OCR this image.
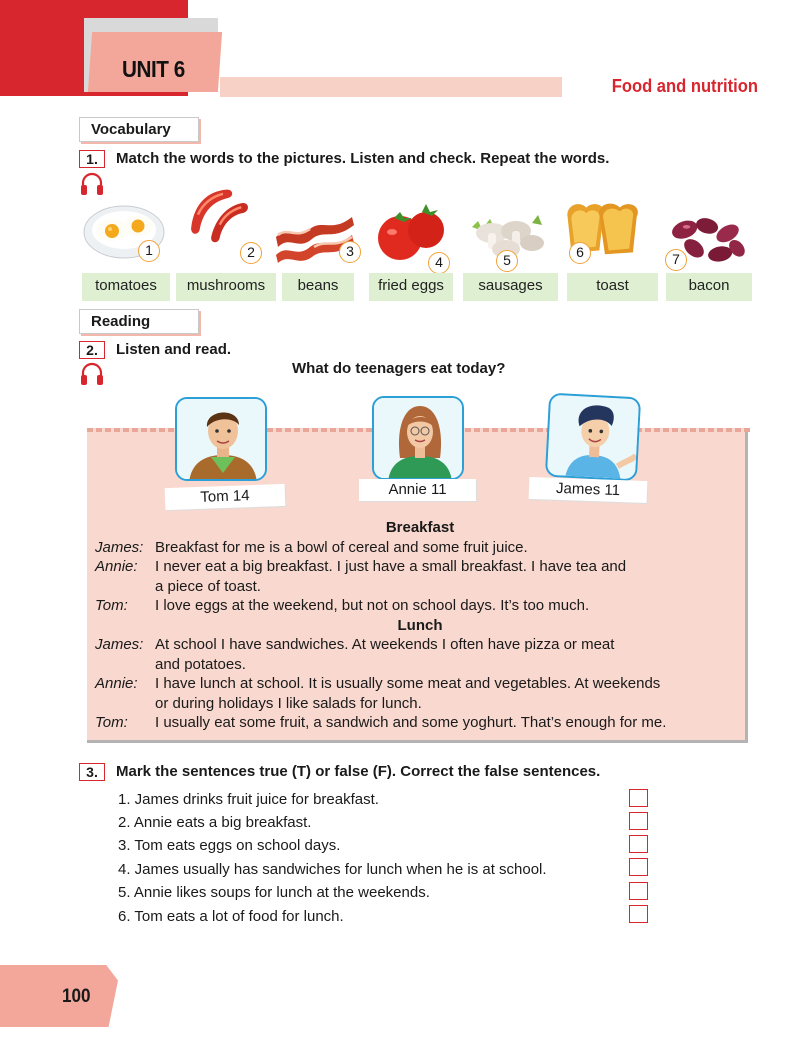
UNIT 6
Food and nutrition
Vocabulary
1.	Match the words to the pictures. Listen and check. Repeat the words.
1	2	3
4	5	6	7
tomatoes	mushrooms	beans	fried eggs	sausages	toast	bacon
Reading
2.	Listen and read.
What do teenagers eat today?
Tom 14	Annie 11	James 11
Breakfast
James: Breakfast for me is a bowl of cereal and some fruit juice.
Annie: I never eat a big breakfast. I just have a small breakfast. I have tea and
a piece of toast.
Tom: I love eggs at the weekend, but not on school days. It’s too much.
Lunch
James: At school I have sandwiches. At weekends I often have pizza or meat
and potatoes.
Annie: I have lunch at school. It is usually some meat and vegetables. At weekends
or during holidays I like salads for lunch.
Tom: I usually eat some fruit, a sandwich and some yoghurt. That’s enough for me.
3.	Mark the sentences true (T) or false (F). Correct the false sentences.
1. James drinks fruit juice for breakfast.
2. Annie eats a big breakfast.
3. Tom eats eggs on school days.
4. James usually has sandwiches for lunch when he is at school.
5. Annie likes soups for lunch at the weekends.
6. Tom eats a lot of food for lunch.
100
